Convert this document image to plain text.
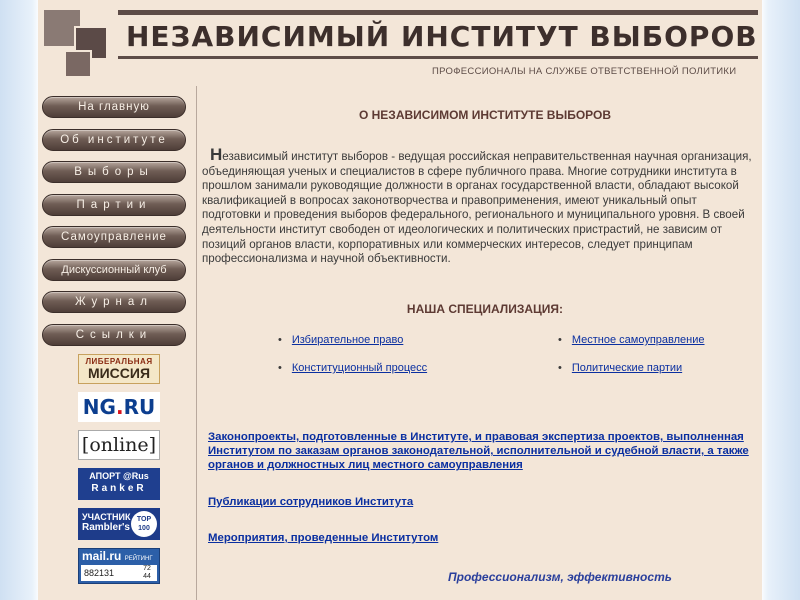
НЕЗАВИСИМЫЙ ИНСТИТУТ ВЫБОРОВ
ПРОФЕССИОНАЛЫ НА СЛУЖБЕ ОТВЕТСТВЕННОЙ ПОЛИТИКИ
На главную
Об институте
Выборы
Партии
Самоуправление
Дискуссионный клуб
Журнал
Ссылки
ЛИБЕРАЛЬНАЯ
МИССИЯ
NG.RU
[online]
АПОРТ @Rus
RankeR
УЧАСТНИК
Rambler's
TOP 100
mail.ru РЕЙТИНГ
882131	72
44
О НЕЗАВИСИМОМ ИНСТИТУТЕ ВЫБОРОВ

Независимый институт выборов - ведущая российская неправительственная научная организация, объединяющая ученых и специалистов в сфере публичного права. Многие сотрудники института в прошлом занимали руководящие должности в органах государственной власти, обладают высокой квалификацией в вопросах законотворчества и правоприменения, имеют уникальный опыт подготовки и проведения выборов федерального, регионального и муниципального уровня. В своей деятельности институт свободен от идеологических и политических пристрастий, не зависим от позиций органов власти, корпоративных или коммерческих интересов, следует принципам профессионализма и научной объективности.

НАША СПЕЦИАЛИЗАЦИЯ:
• Избирательное право	• Местное самоуправление
• Конституционный процесс	• Политические партии
Законопроекты, подготовленные в Институте, и правовая экспертиза проектов, выполненная Институтом по заказам органов законодательной, исполнительной и судебной власти, а также органов и должностных лиц местного самоуправления
Публикации сотрудников Института
Мероприятия, проведенные Институтом
Профессионализм, эффективность
